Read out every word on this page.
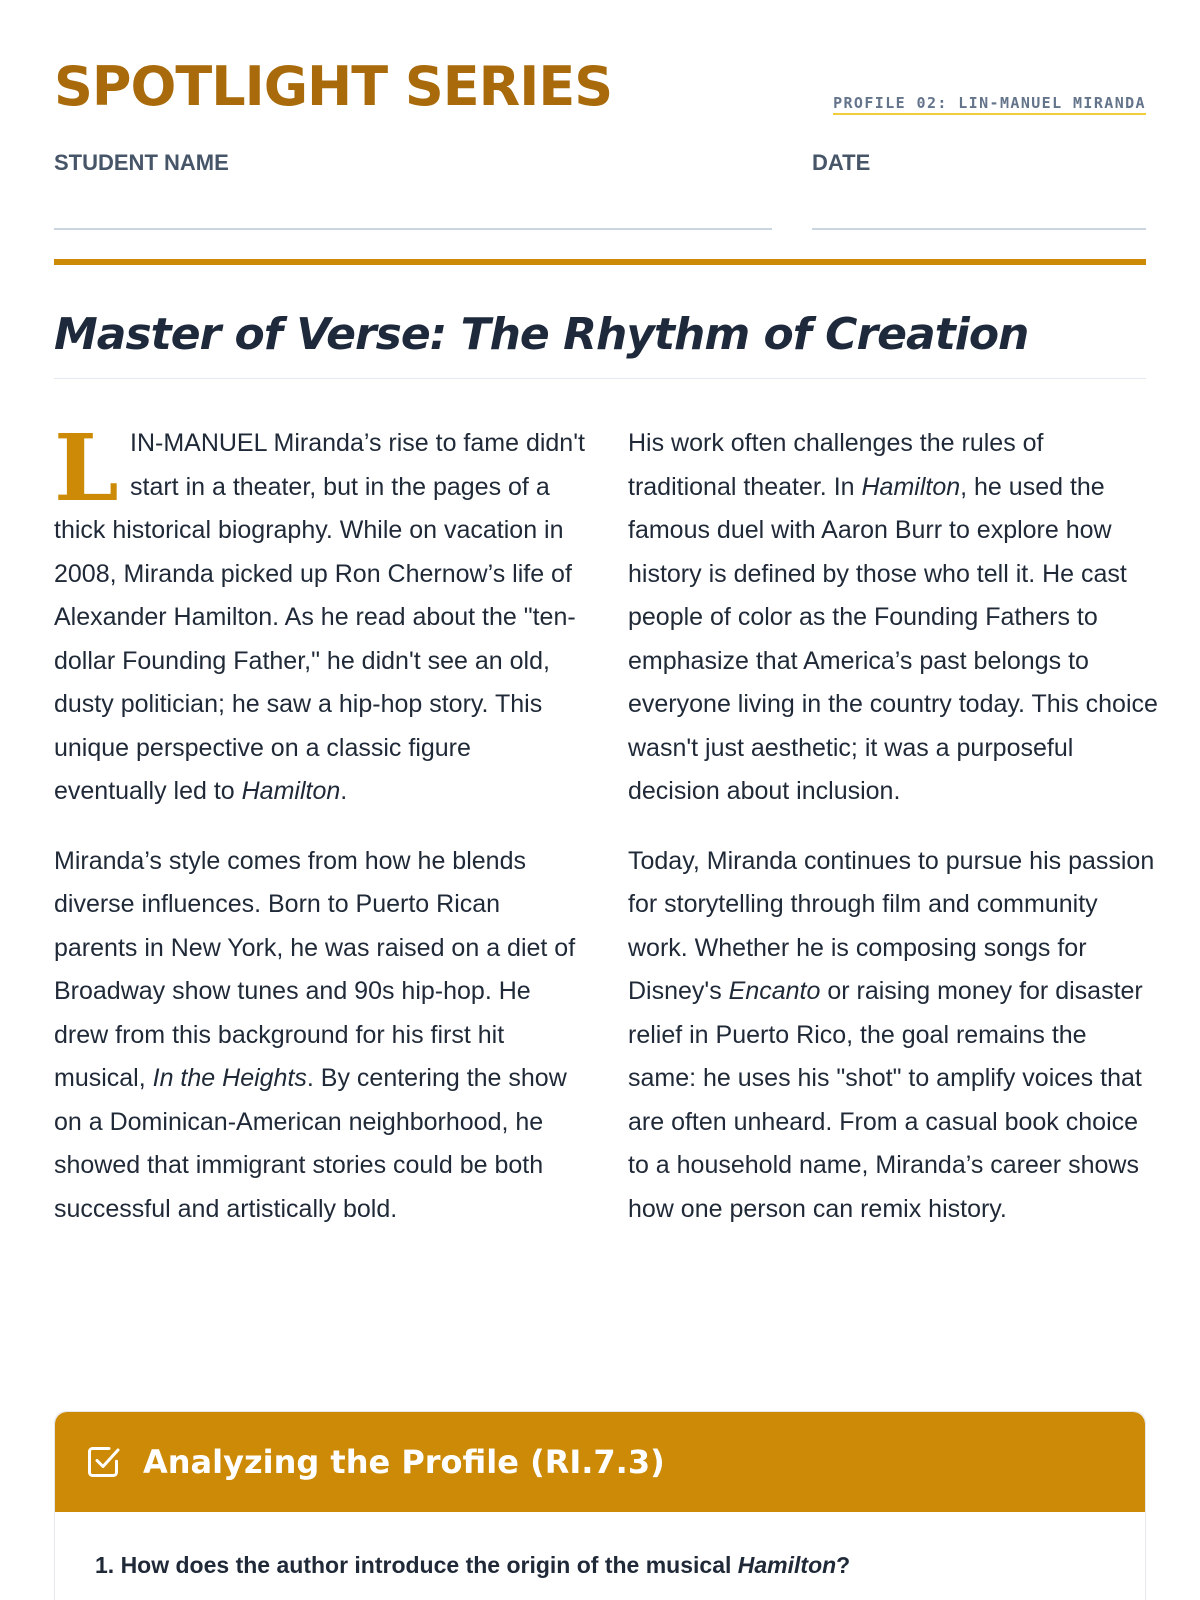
SPOTLIGHT SERIES	PROFILE 02: LIN-MANUEL MIRANDA
STUDENT NAME	DATE
Master of Verse: The Rhythm of Creation

LIN-MANUEL Miranda’s rise to fame didn't start in a theater, but in the pages of a thick historical biography. While on vacation in 2008, Miranda picked up Ron Chernow’s life of Alexander Hamilton. As he read about the "ten-dollar Founding Father," he didn't see an old, dusty politician; he saw a hip-hop story. This unique perspective on a classic figure eventually led to Hamilton.

Miranda’s style comes from how he blends diverse influences. Born to Puerto Rican parents in New York, he was raised on a diet of Broadway show tunes and 90s hip-hop. He drew from this background for his first hit musical, In the Heights. By centering the show on a Dominican-American neighborhood, he showed that immigrant stories could be both successful and artistically bold.

His work often challenges the rules of traditional theater. In Hamilton, he used the famous duel with Aaron Burr to explore how history is defined by those who tell it. He cast people of color as the Founding Fathers to emphasize that America’s past belongs to everyone living in the country today. This choice wasn't just aesthetic; it was a purposeful decision about inclusion.

Today, Miranda continues to pursue his passion for storytelling through film and community work. Whether he is composing songs for Disney's Encanto or raising money for disaster relief in Puerto Rico, the goal remains the same: he uses his "shot" to amplify voices that are often unheard. From a casual book choice to a household name, Miranda’s career shows how one person can remix history.

Analyzing the Profile (RI.7.3)
1. How does the author introduce the origin of the musical Hamilton?
